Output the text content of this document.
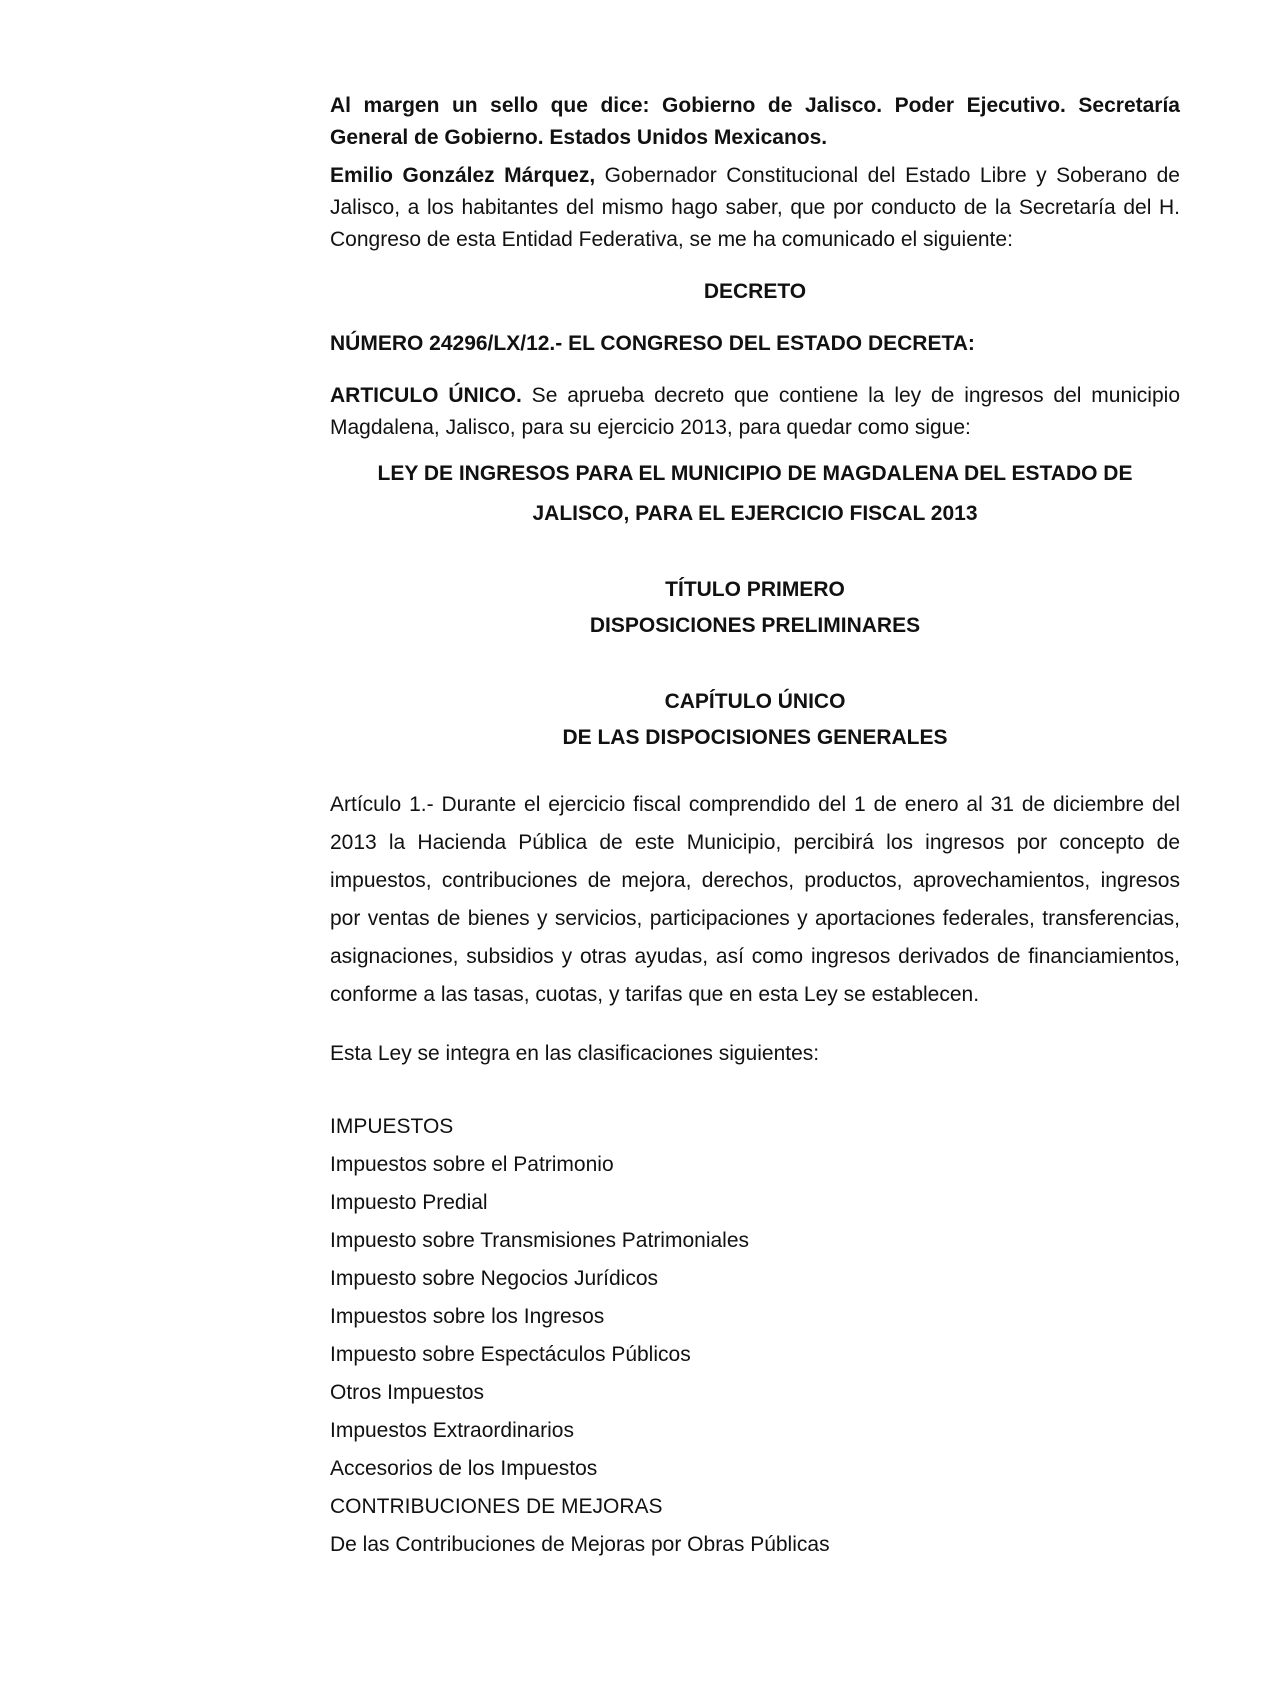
Al margen un sello que dice: Gobierno de Jalisco. Poder Ejecutivo. Secretaría General de Gobierno. Estados Unidos Mexicanos.

Emilio González Márquez, Gobernador Constitucional del Estado Libre y Soberano de Jalisco, a los habitantes del mismo hago saber, que por conducto de la Secretaría del H. Congreso de esta Entidad Federativa, se me ha comunicado el siguiente:

DECRETO

NÚMERO 24296/LX/12.- EL CONGRESO DEL ESTADO DECRETA:

ARTICULO ÚNICO. Se aprueba decreto que contiene la ley de ingresos del municipio Magdalena, Jalisco, para su ejercicio 2013, para quedar como sigue:

LEY DE INGRESOS PARA EL MUNICIPIO DE MAGDALENA DEL ESTADO DE

JALISCO, PARA EL EJERCICIO FISCAL 2013

TÍTULO PRIMERO

DISPOSICIONES PRELIMINARES

CAPÍTULO ÚNICO

DE LAS DISPOCISIONES GENERALES

Artículo 1.- Durante el ejercicio fiscal comprendido del 1 de enero al 31 de diciembre del 2013 la Hacienda Pública de este Municipio, percibirá los ingresos por concepto de impuestos, contribuciones de mejora, derechos, productos, aprovechamientos, ingresos por ventas de bienes y servicios, participaciones y aportaciones federales, transferencias, asignaciones, subsidios y otras ayudas, así como ingresos derivados de financiamientos, conforme a las tasas, cuotas, y tarifas que en esta Ley se establecen.

Esta Ley se integra en las clasificaciones siguientes:

IMPUESTOS
Impuestos sobre el Patrimonio
Impuesto Predial
Impuesto sobre Transmisiones Patrimoniales
Impuesto sobre Negocios Jurídicos
Impuestos sobre los Ingresos
Impuesto sobre Espectáculos Públicos
Otros Impuestos
Impuestos Extraordinarios
Accesorios de los Impuestos
CONTRIBUCIONES DE MEJORAS
De las Contribuciones de Mejoras por Obras Públicas
